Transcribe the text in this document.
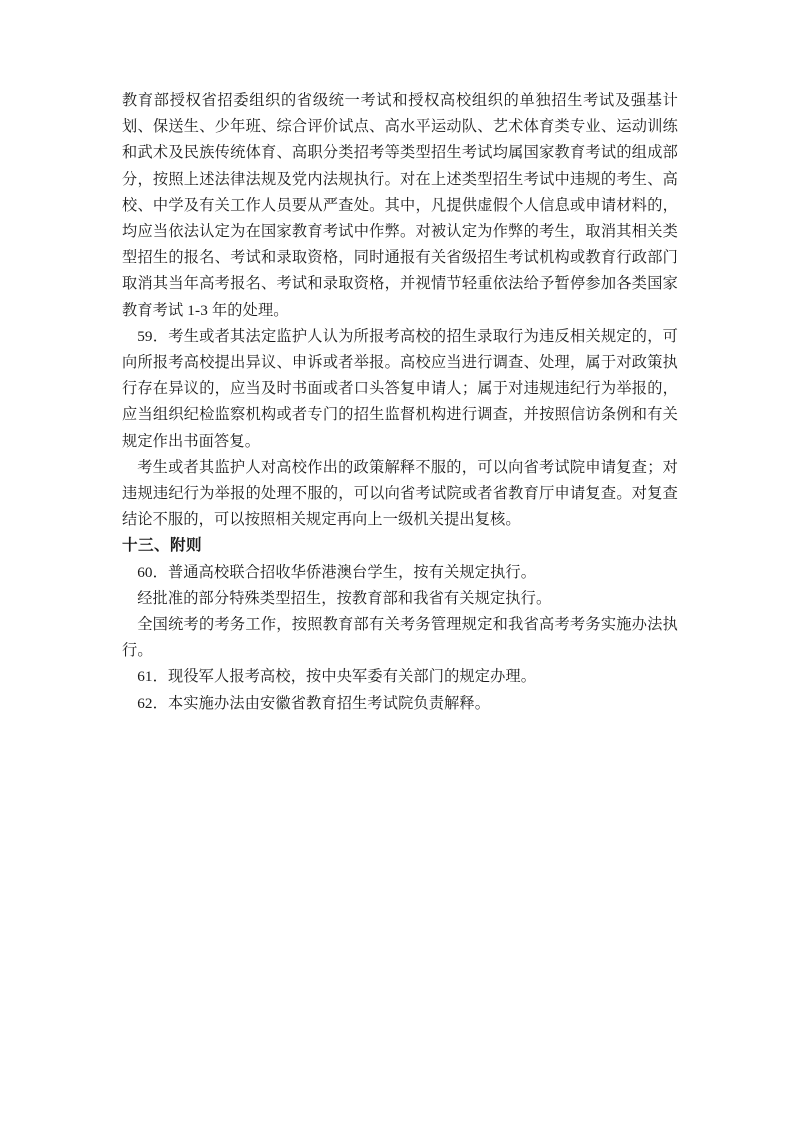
教育部授权省招委组织的省级统一考试和授权高校组织的单独招生考试及强基计划、保送生、少年班、综合评价试点、高水平运动队、艺术体育类专业、运动训练和武术及民族传统体育、高职分类招考等类型招生考试均属国家教育考试的组成部分，按照上述法律法规及党内法规执行。对在上述类型招生考试中违规的考生、高校、中学及有关工作人员要从严查处。其中，凡提供虚假个人信息或申请材料的，均应当依法认定为在国家教育考试中作弊。对被认定为作弊的考生，取消其相关类型招生的报名、考试和录取资格，同时通报有关省级招生考试机构或教育行政部门取消其当年高考报名、考试和录取资格，并视情节轻重依法给予暂停参加各类国家教育考试 1-3 年的处理。

59．考生或者其法定监护人认为所报考高校的招生录取行为违反相关规定的，可向所报考高校提出异议、申诉或者举报。高校应当进行调查、处理，属于对政策执行存在异议的，应当及时书面或者口头答复申请人；属于对违规违纪行为举报的，应当组织纪检监察机构或者专门的招生监督机构进行调查，并按照信访条例和有关规定作出书面答复。

考生或者其监护人对高校作出的政策解释不服的，可以向省考试院申请复查；对违规违纪行为举报的处理不服的，可以向省考试院或者省教育厅申请复查。对复查结论不服的，可以按照相关规定再向上一级机关提出复核。

十三、附则

60．普通高校联合招收华侨港澳台学生，按有关规定执行。

经批准的部分特殊类型招生，按教育部和我省有关规定执行。

全国统考的考务工作，按照教育部有关考务管理规定和我省高考考务实施办法执行。

61．现役军人报考高校，按中央军委有关部门的规定办理。

62．本实施办法由安徽省教育招生考试院负责解释。
